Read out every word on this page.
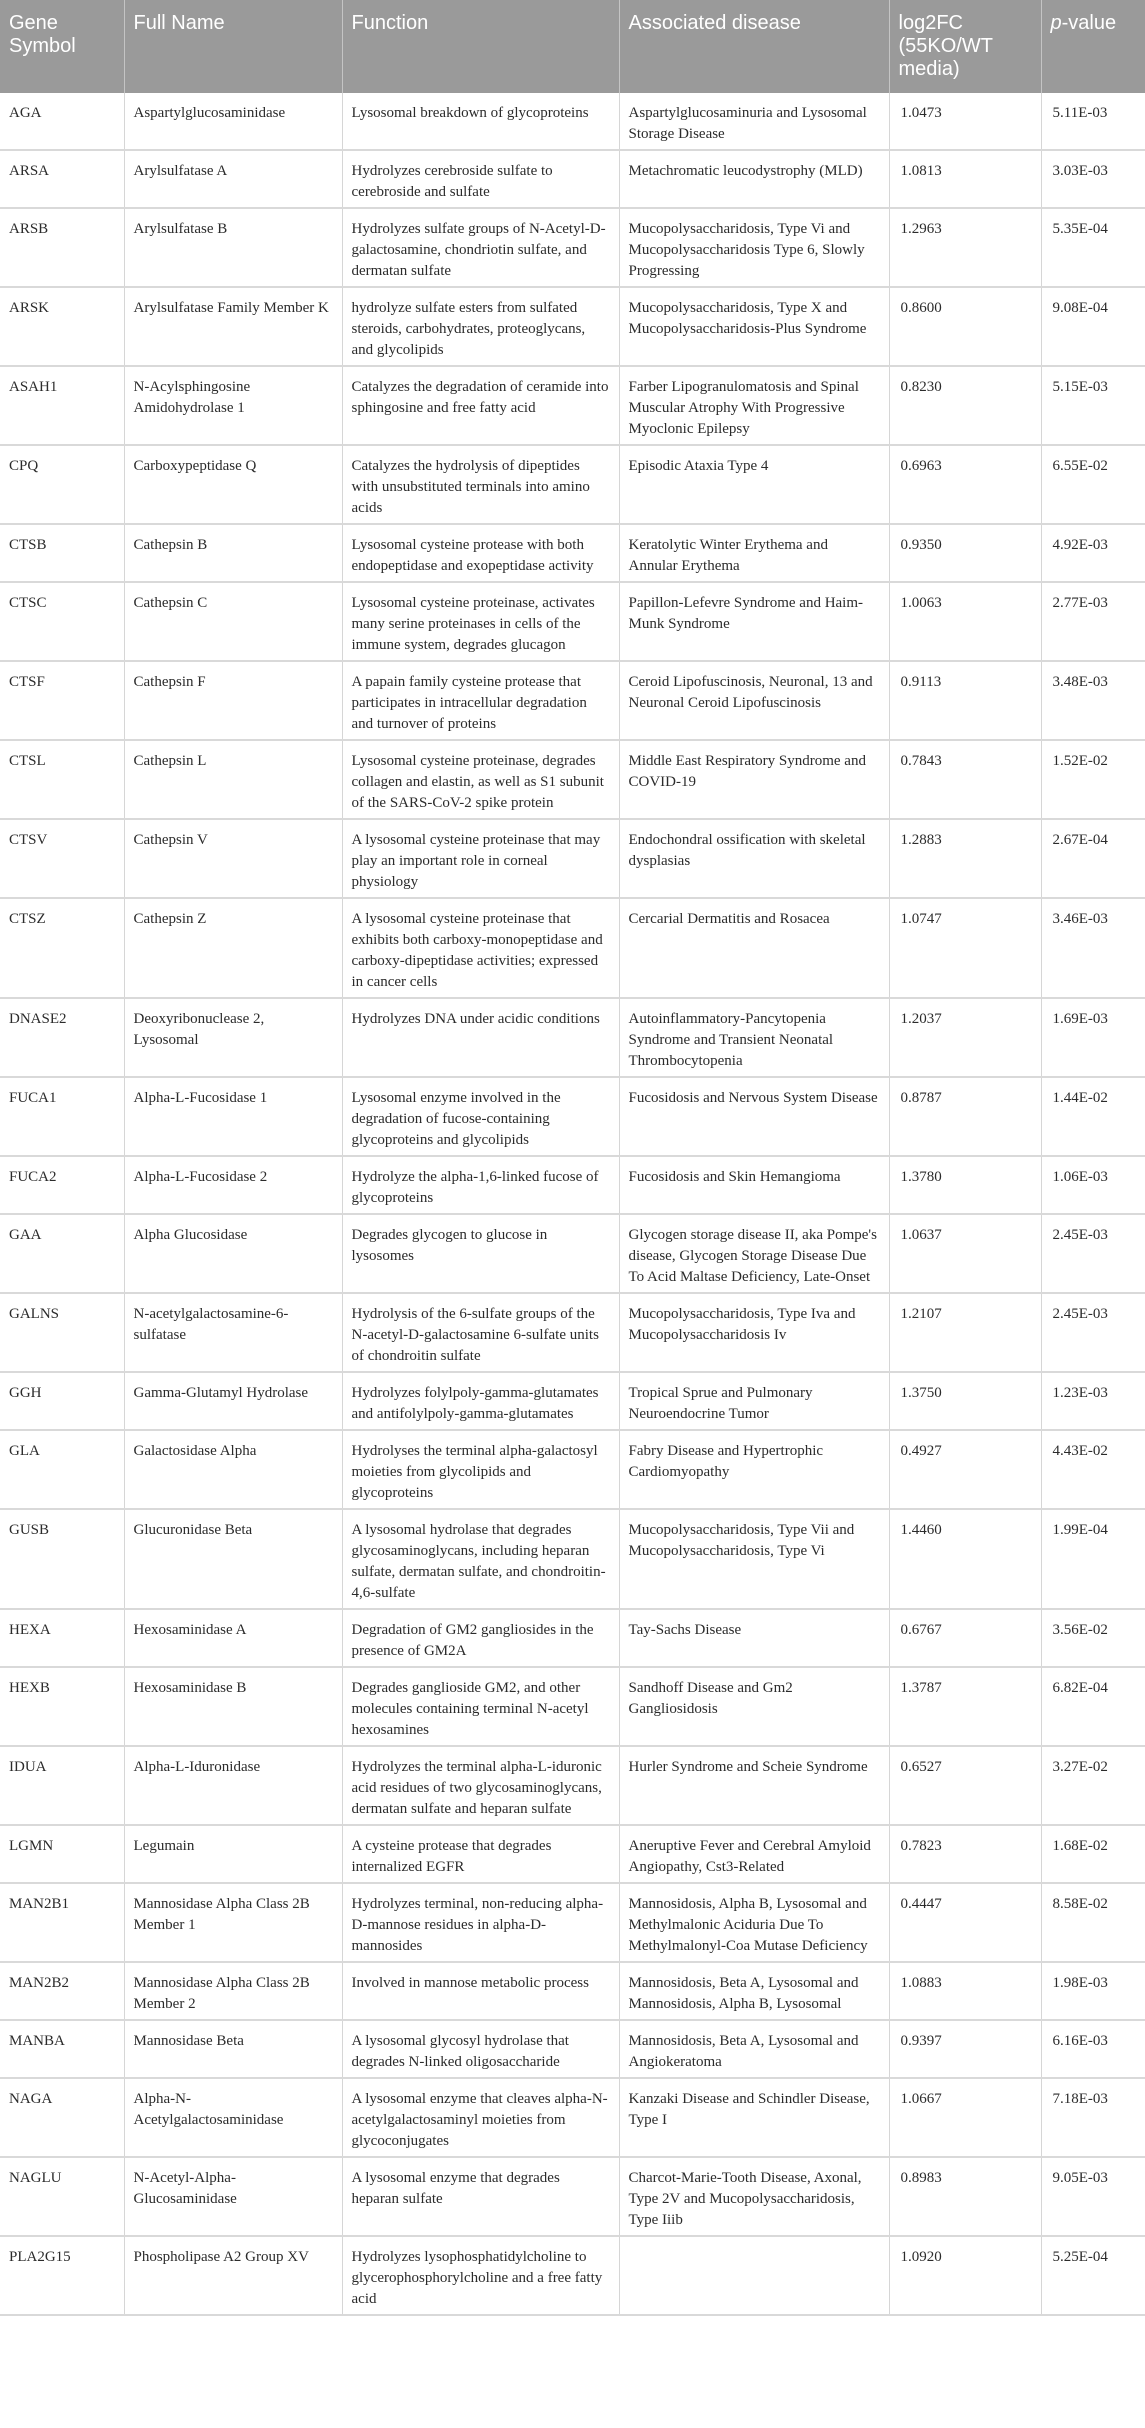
Gene Symbol	Full Name	Function	Associated disease	log2FC (55KO/WT media)	p-value
AGA	Aspartylglucosaminidase	Lysosomal breakdown of glycoproteins	Aspartylglucosaminuria and Lysosomal Storage Disease	1.0473	5.11E-03
ARSA	Arylsulfatase A	Hydrolyzes cerebroside sulfate to cerebroside and sulfate	Metachromatic leucodystrophy (MLD)	1.0813	3.03E-03
ARSB	Arylsulfatase B	Hydrolyzes sulfate groups of N-Acetyl-D-galactosamine, chondriotin sulfate, and dermatan sulfate	Mucopolysaccharidosis, Type Vi and Mucopolysaccharidosis Type 6, Slowly Progressing	1.2963	5.35E-04
ARSK	Arylsulfatase Family Member K	hydrolyze sulfate esters from sulfated steroids, carbohydrates, proteoglycans, and glycolipids	Mucopolysaccharidosis, Type X and Mucopolysaccharidosis-Plus Syndrome	0.8600	9.08E-04
ASAH1	N-Acylsphingosine Amidohydrolase 1	Catalyzes the degradation of ceramide into sphingosine and free fatty acid	Farber Lipogranulomatosis and Spinal Muscular Atrophy With Progressive Myoclonic Epilepsy	0.8230	5.15E-03
CPQ	Carboxypeptidase Q	Catalyzes the hydrolysis of dipeptides with unsubstituted terminals into amino acids	Episodic Ataxia Type 4	0.6963	6.55E-02
CTSB	Cathepsin B	Lysosomal cysteine protease with both endopeptidase and exopeptidase activity	Keratolytic Winter Erythema and Annular Erythema	0.9350	4.92E-03
CTSC	Cathepsin C	Lysosomal cysteine proteinase, activates many serine proteinases in cells of the immune system, degrades glucagon	Papillon-Lefevre Syndrome and Haim-Munk Syndrome	1.0063	2.77E-03
CTSF	Cathepsin F	A papain family cysteine protease that participates in intracellular degradation and turnover of proteins	Ceroid Lipofuscinosis, Neuronal, 13 and Neuronal Ceroid Lipofuscinosis	0.9113	3.48E-03
CTSL	Cathepsin L	Lysosomal cysteine proteinase, degrades collagen and elastin, as well as S1 subunit of the SARS-CoV-2 spike protein	Middle East Respiratory Syndrome and COVID-19	0.7843	1.52E-02
CTSV	Cathepsin V	A lysosomal cysteine proteinase that may play an important role in corneal physiology	Endochondral ossification with skeletal dysplasias	1.2883	2.67E-04
CTSZ	Cathepsin Z	A lysosomal cysteine proteinase that exhibits both carboxy-monopeptidase and carboxy-dipeptidase activities; expressed in cancer cells	Cercarial Dermatitis and Rosacea	1.0747	3.46E-03
DNASE2	Deoxyribonuclease 2, Lysosomal	Hydrolyzes DNA under acidic conditions	Autoinflammatory-Pancytopenia Syndrome and Transient Neonatal Thrombocytopenia	1.2037	1.69E-03
FUCA1	Alpha-L-Fucosidase 1	Lysosomal enzyme involved in the degradation of fucose-containing glycoproteins and glycolipids	Fucosidosis and Nervous System Disease	0.8787	1.44E-02
FUCA2	Alpha-L-Fucosidase 2	Hydrolyze the alpha-1,6-linked fucose of glycoproteins	Fucosidosis and Skin Hemangioma	1.3780	1.06E-03
GAA	Alpha Glucosidase	Degrades glycogen to glucose in lysosomes	Glycogen storage disease II, aka Pompe's disease, Glycogen Storage Disease Due To Acid Maltase Deficiency, Late-Onset	1.0637	2.45E-03
GALNS	N-acetylgalactosamine-6-sulfatase	Hydrolysis of the 6-sulfate groups of the N-acetyl-D-galactosamine 6-sulfate units of chondroitin sulfate	Mucopolysaccharidosis, Type Iva and Mucopolysaccharidosis Iv	1.2107	2.45E-03
GGH	Gamma-Glutamyl Hydrolase	Hydrolyzes folylpoly-gamma-glutamates and antifolylpoly-gamma-glutamates	Tropical Sprue and Pulmonary Neuroendocrine Tumor	1.3750	1.23E-03
GLA	Galactosidase Alpha	Hydrolyses the terminal alpha-galactosyl moieties from glycolipids and glycoproteins	Fabry Disease and Hypertrophic Cardiomyopathy	0.4927	4.43E-02
GUSB	Glucuronidase Beta	A lysosomal hydrolase that degrades glycosaminoglycans, including heparan sulfate, dermatan sulfate, and chondroitin-4,6-sulfate	Mucopolysaccharidosis, Type Vii and Mucopolysaccharidosis, Type Vi	1.4460	1.99E-04
HEXA	Hexosaminidase A	Degradation of GM2 gangliosides in the presence of GM2A	Tay-Sachs Disease	0.6767	3.56E-02
HEXB	Hexosaminidase B	Degrades ganglioside GM2, and other molecules containing terminal N-acetyl hexosamines	Sandhoff Disease and Gm2 Gangliosidosis	1.3787	6.82E-04
IDUA	Alpha-L-Iduronidase	Hydrolyzes the terminal alpha-L-iduronic acid residues of two glycosaminoglycans, dermatan sulfate and heparan sulfate	Hurler Syndrome and Scheie Syndrome	0.6527	3.27E-02
LGMN	Legumain	A cysteine protease that degrades internalized EGFR	Aneruptive Fever and Cerebral Amyloid Angiopathy, Cst3-Related	0.7823	1.68E-02
MAN2B1	Mannosidase Alpha Class 2B Member 1	Hydrolyzes terminal, non-reducing alpha-D-mannose residues in alpha-D-mannosides	Mannosidosis, Alpha B, Lysosomal and Methylmalonic Aciduria Due To Methylmalonyl-Coa Mutase Deficiency	0.4447	8.58E-02
MAN2B2	Mannosidase Alpha Class 2B Member 2	Involved in mannose metabolic process	Mannosidosis, Beta A, Lysosomal and Mannosidosis, Alpha B, Lysosomal	1.0883	1.98E-03
MANBA	Mannosidase Beta	A lysosomal glycosyl hydrolase that degrades N-linked oligosaccharide	Mannosidosis, Beta A, Lysosomal and Angiokeratoma	0.9397	6.16E-03
NAGA	Alpha-N-Acetylgalactosaminidase	A lysosomal enzyme that cleaves alpha-N-acetylgalactosaminyl moieties from glycoconjugates	Kanzaki Disease and Schindler Disease, Type I	1.0667	7.18E-03
NAGLU	N-Acetyl-Alpha-Glucosaminidase	A lysosomal enzyme that degrades heparan sulfate	Charcot-Marie-Tooth Disease, Axonal, Type 2V and Mucopolysaccharidosis, Type Iiib	0.8983	9.05E-03
PLA2G15	Phospholipase A2 Group XV	Hydrolyzes lysophosphatidylcholine to glycerophosphorylcholine and a free fatty acid		1.0920	5.25E-04
